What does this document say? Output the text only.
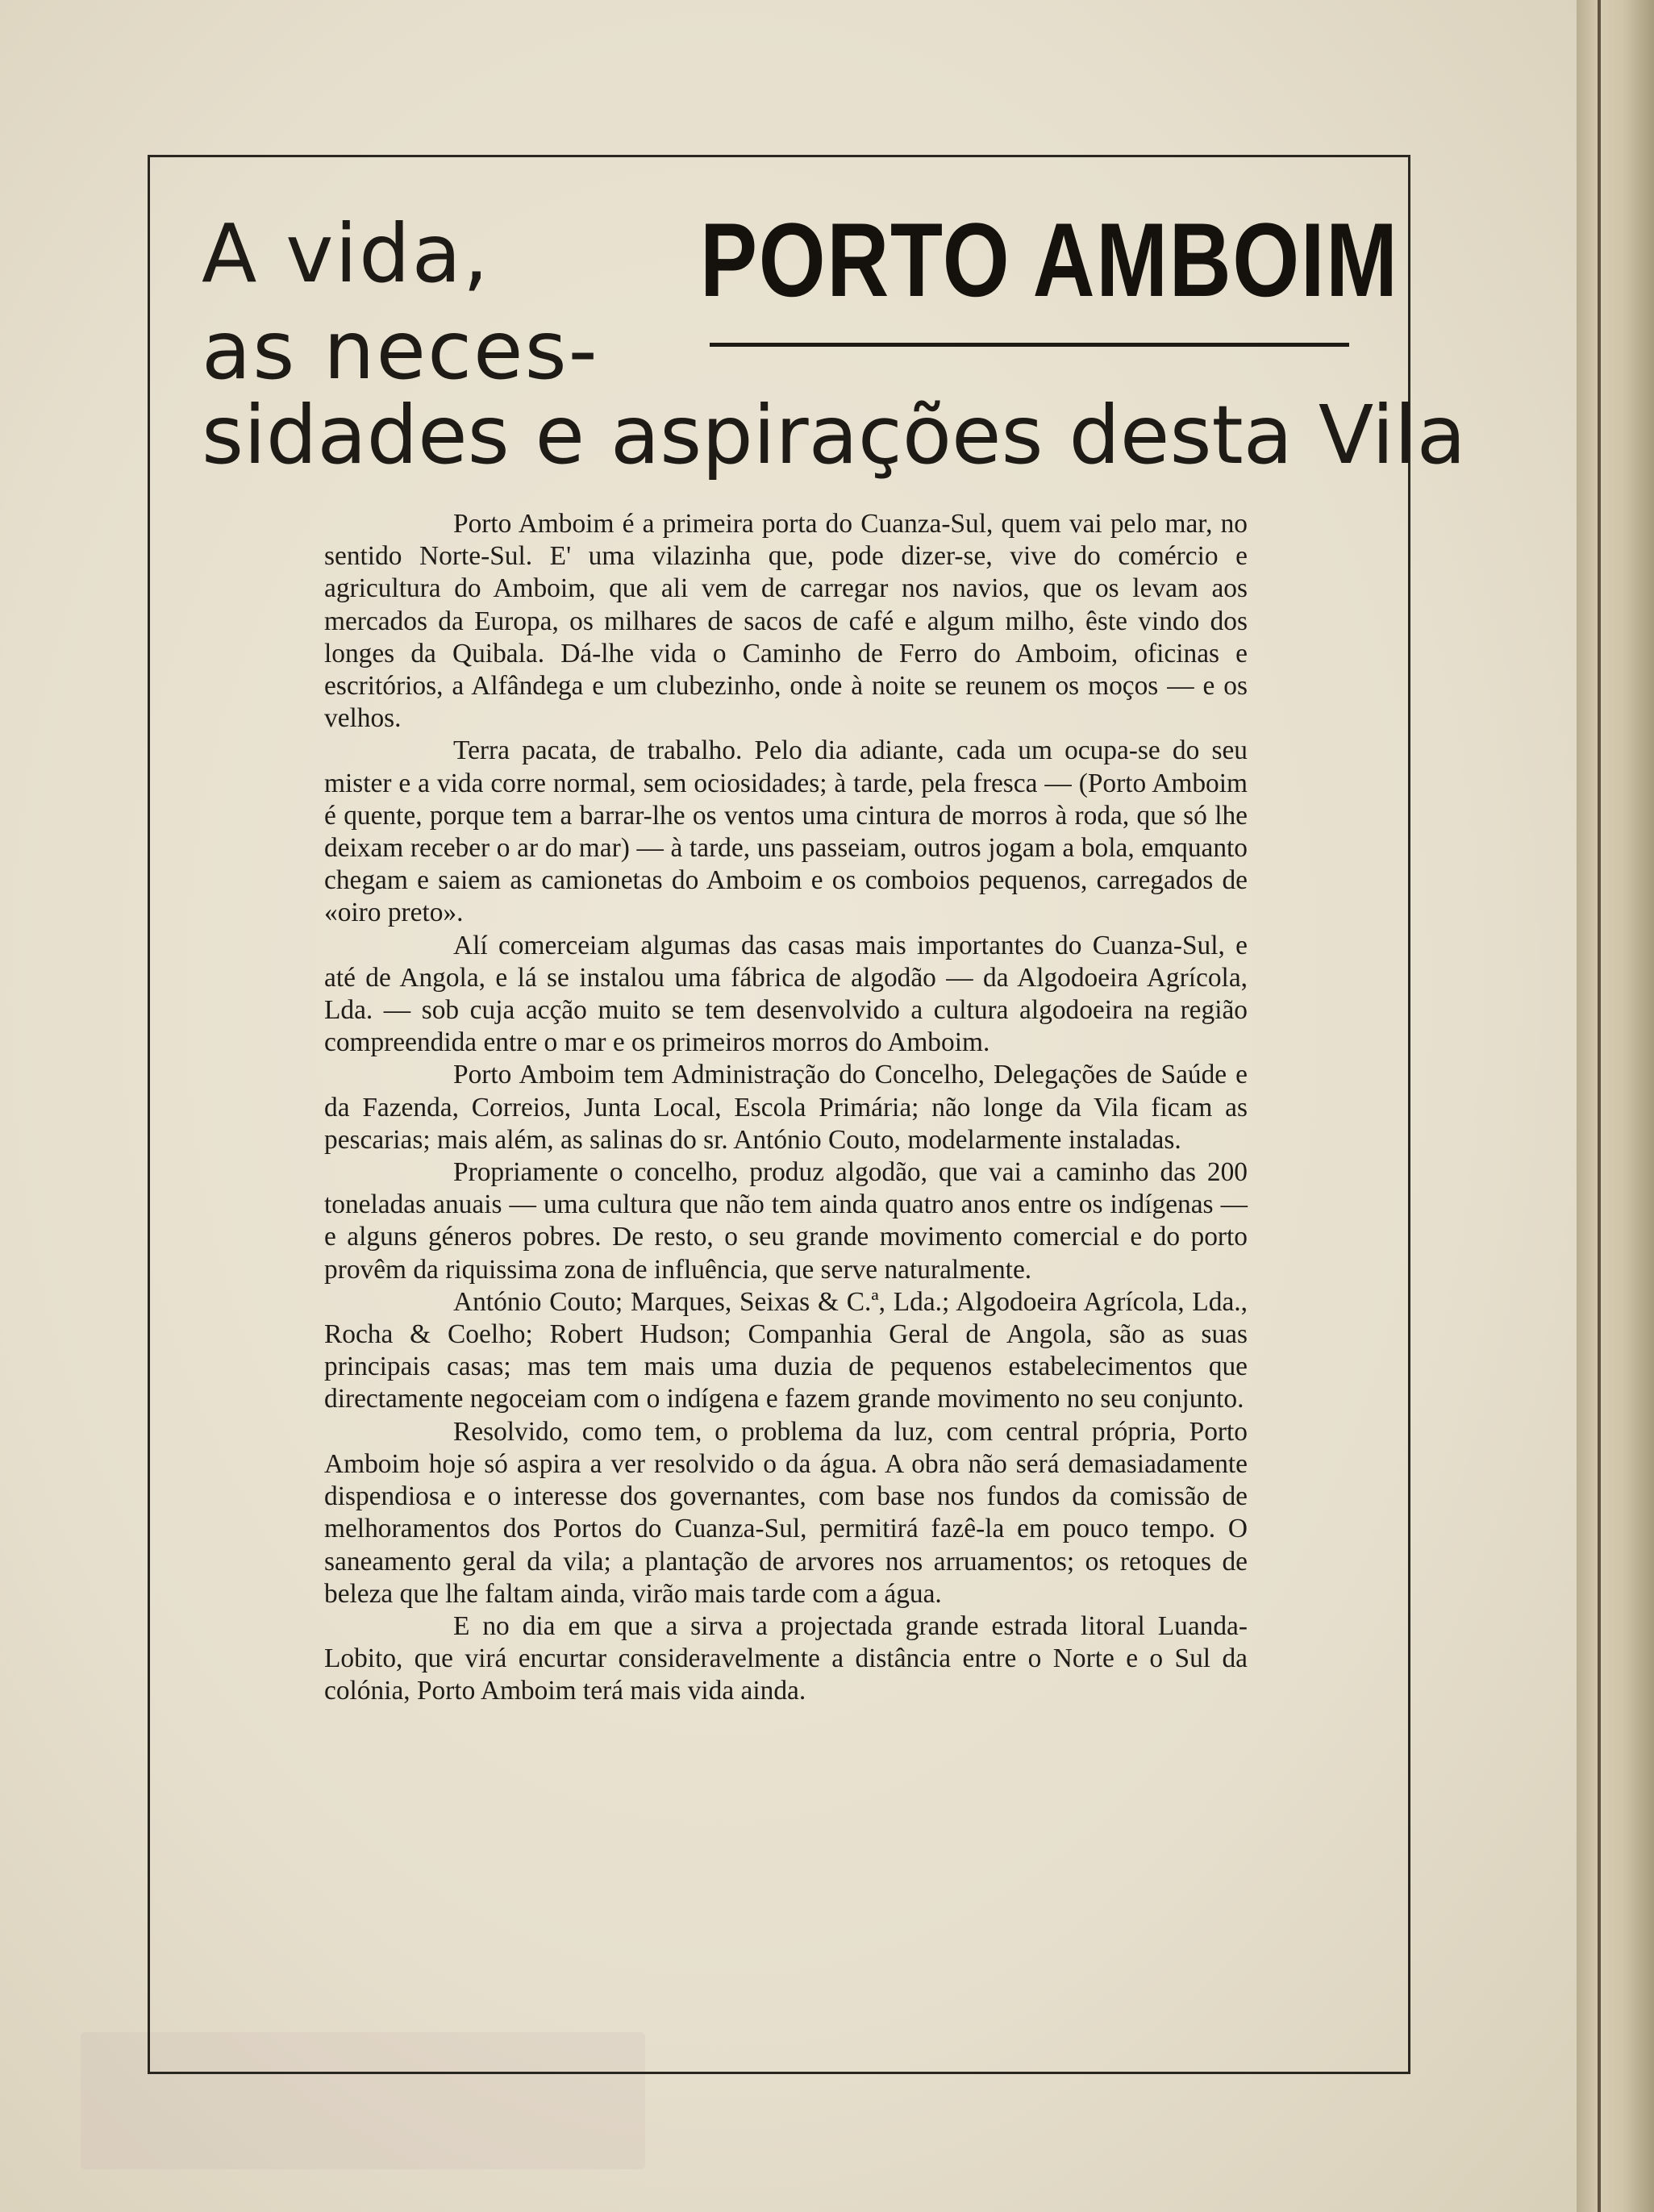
A vida,
as neces-
sidades e aspirações desta Vila
PORTO AMBOIM

Porto Amboim é a primeira porta do Cuanza-Sul, quem vai pelo mar, no sentido Norte-Sul. E' uma vilazinha que, pode dizer-se, vive do comércio e agricultura do Amboim, que ali vem de carregar nos navios, que os levam aos mercados da Europa, os milhares de sacos de café e algum milho, êste vindo dos longes da Quibala. Dá-lhe vida o Caminho de Ferro do Amboim, oficinas e escritórios, a Alfândega e um clubezinho, onde à noite se reunem os moços — e os velhos.

Terra pacata, de trabalho. Pelo dia adiante, cada um ocupa-se do seu mister e a vida corre normal, sem ociosidades; à tarde, pela fresca — (Porto Amboim é quente, porque tem a barrar-lhe os ventos uma cintura de morros à roda, que só lhe deixam receber o ar do mar) — à tarde, uns passeiam, outros jogam a bola, emquanto chegam e saiem as camionetas do Amboim e os comboios pequenos, carregados de «oiro preto».

Alí comerceiam algumas das casas mais importantes do Cuanza-Sul, e até de Angola, e lá se instalou uma fábrica de algodão — da Algodoeira Agrícola, Lda. — sob cuja acção muito se tem desenvolvido a cultura algodoeira na região compreendida entre o mar e os primeiros morros do Amboim.

Porto Amboim tem Administração do Concelho, Delegações de Saúde e da Fazenda, Correios, Junta Local, Escola Primária; não longe da Vila ficam as pescarias; mais além, as salinas do sr. António Couto, modelarmente instaladas.

Propriamente o concelho, produz algodão, que vai a caminho das 200 toneladas anuais — uma cultura que não tem ainda quatro anos entre os indígenas — e alguns géneros pobres. De resto, o seu grande movimento comercial e do porto provêm da riquissima zona de influência, que serve naturalmente.

António Couto; Marques, Seixas & C.ª, Lda.; Algodoeira Agrícola, Lda., Rocha & Coelho; Robert Hudson; Companhia Geral de Angola, são as suas principais casas; mas tem mais uma duzia de pequenos estabelecimentos que directamente negoceiam com o indígena e fazem grande movimento no seu conjunto.

Resolvido, como tem, o problema da luz, com central própria, Porto Amboim hoje só aspira a ver resolvido o da água. A obra não será demasiadamente dispendiosa e o interesse dos governantes, com base nos fundos da comissão de melhoramentos dos Portos do Cuanza-Sul, permitirá fazê-la em pouco tempo. O saneamento geral da vila; a plantação de arvores nos arruamentos; os retoques de beleza que lhe faltam ainda, virão mais tarde com a água.

E no dia em que a sirva a projectada grande estrada litoral Luanda-Lobito, que virá encurtar consideravelmente a distância entre o Norte e o Sul da colónia, Porto Amboim terá mais vida ainda.
